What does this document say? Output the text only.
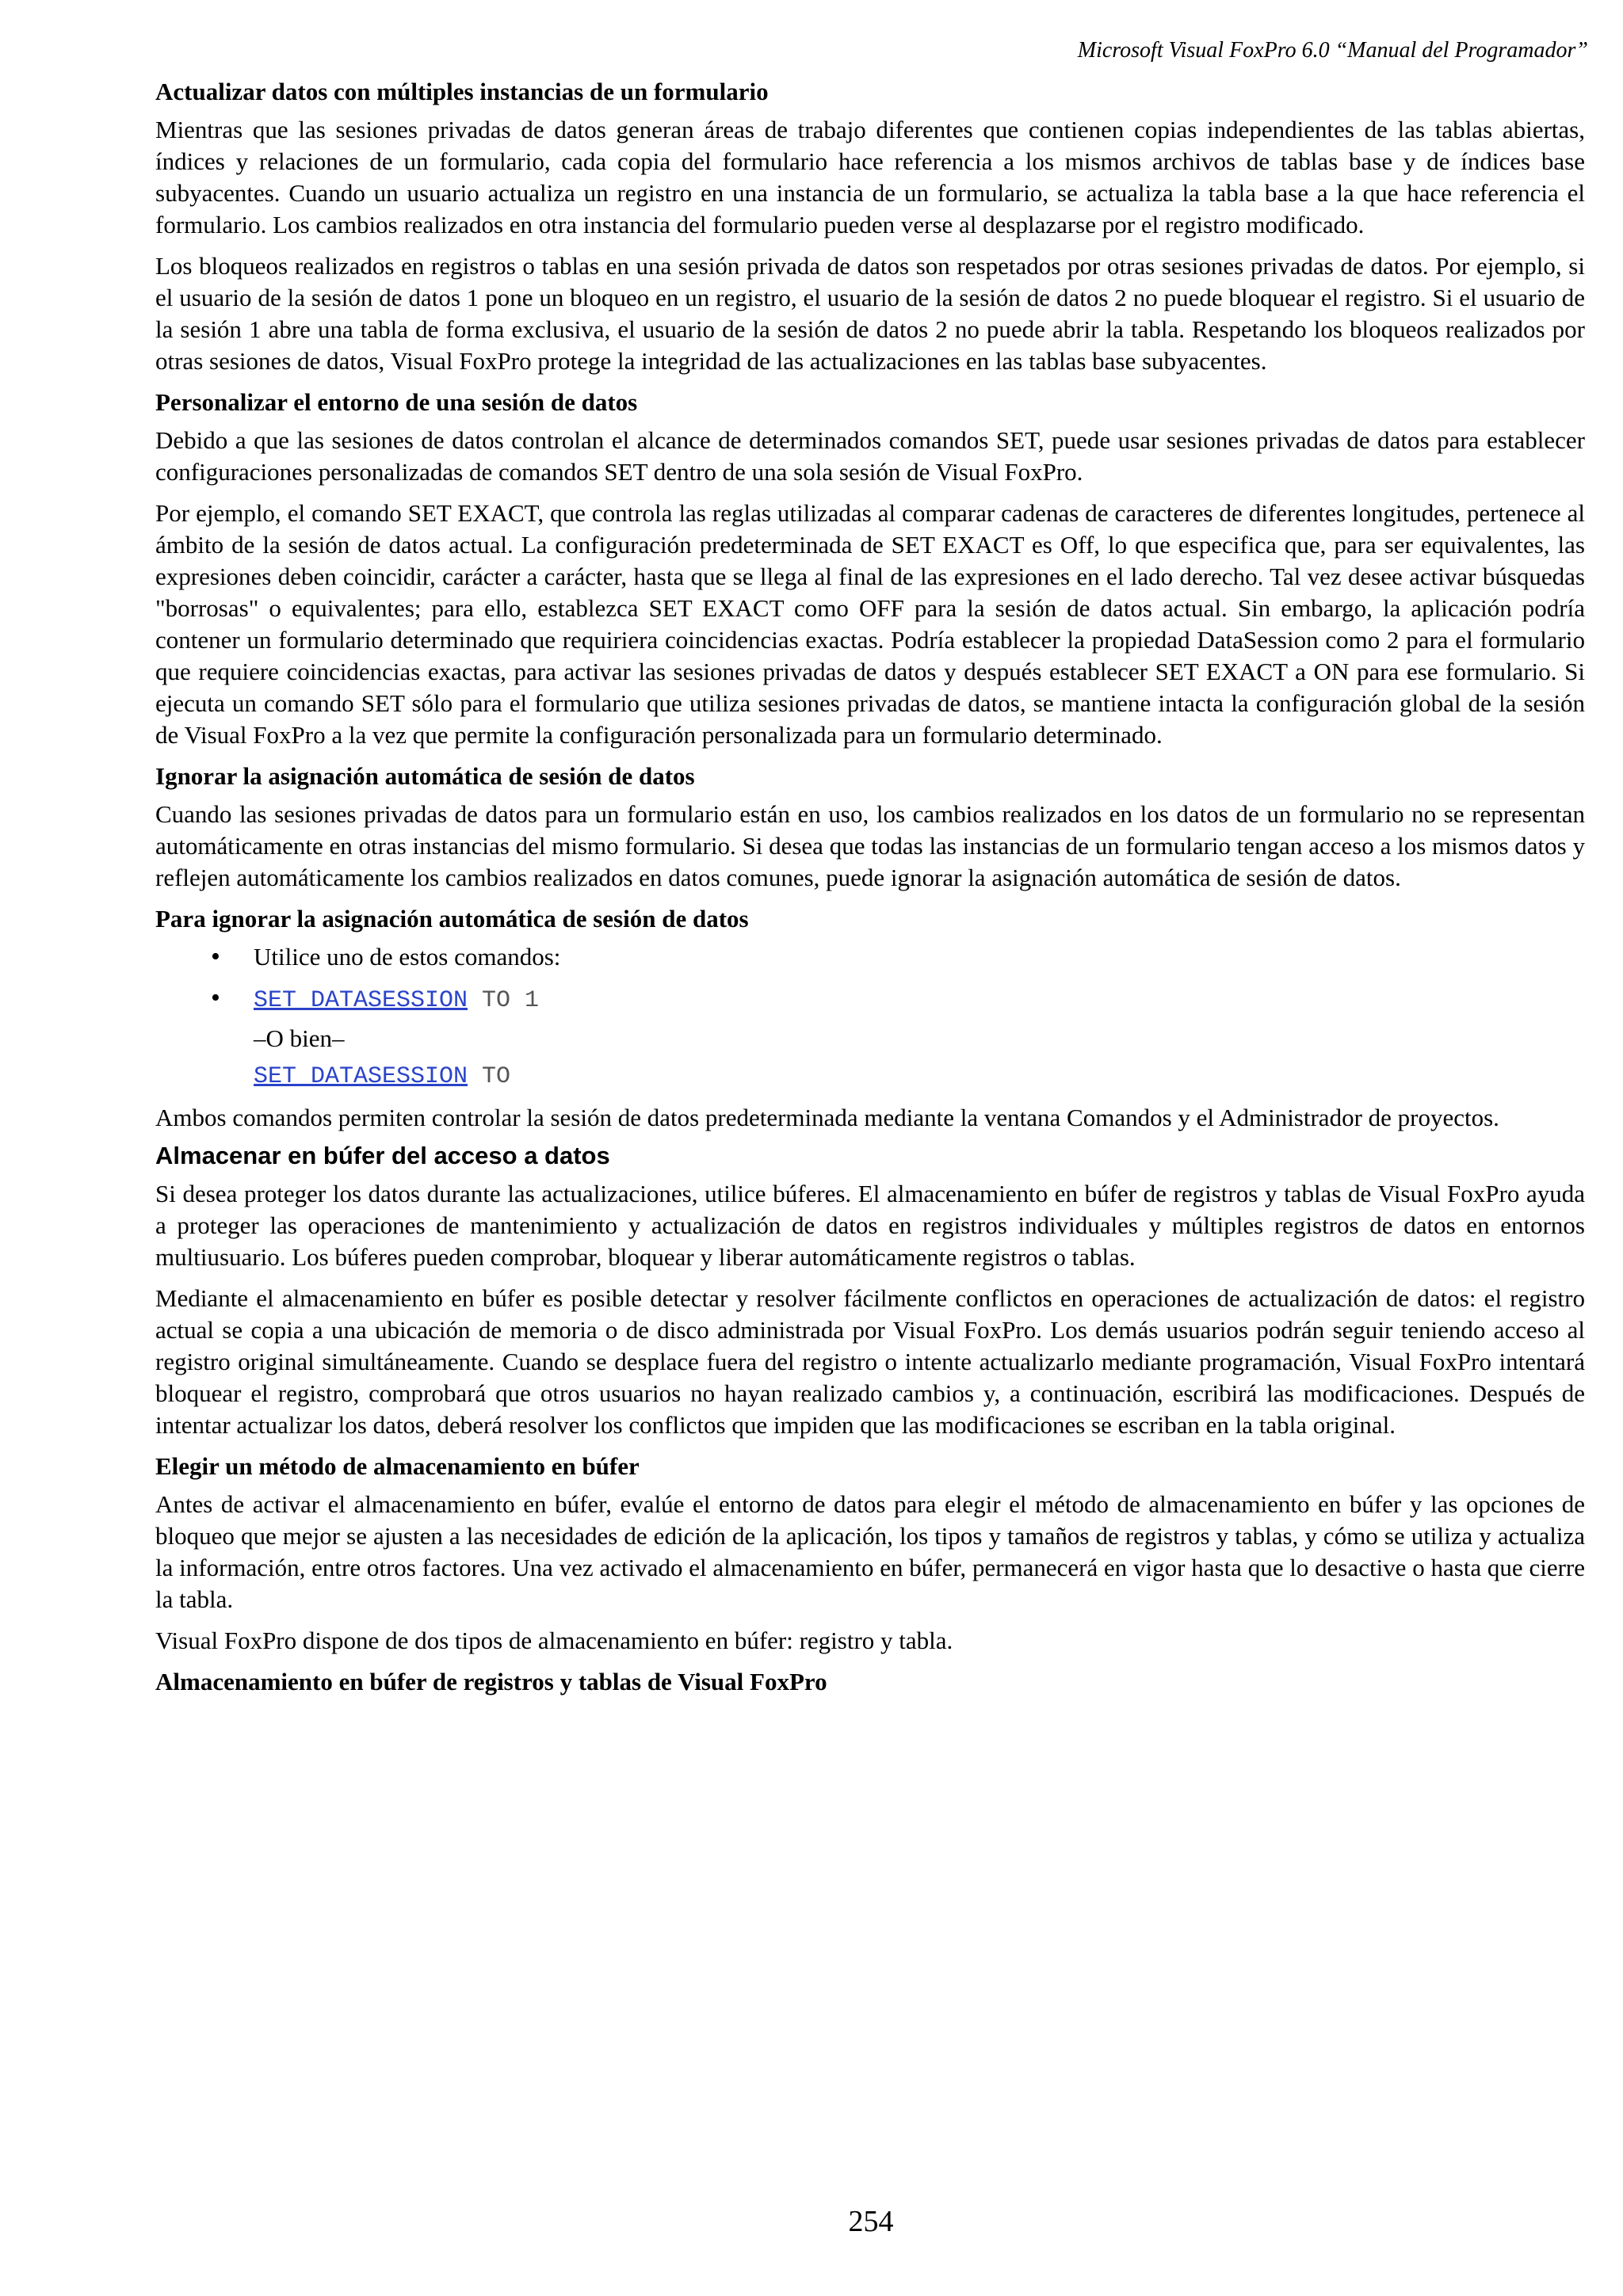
Microsoft Visual FoxPro 6.0 “Manual del Programador”
Actualizar datos con múltiples instancias de un formulario

Mientras que las sesiones privadas de datos generan áreas de trabajo diferentes que contienen copias independientes de las tablas abiertas, índices y relaciones de un formulario, cada copia del formulario hace referencia a los mismos archivos de tablas base y de índices base subyacentes. Cuando un usuario actualiza un registro en una instancia de un formulario, se actualiza la tabla base a la que hace referencia el formulario. Los cambios realizados en otra instancia del formulario pueden verse al desplazarse por el registro modificado.

Los bloqueos realizados en registros o tablas en una sesión privada de datos son respetados por otras sesiones privadas de datos. Por ejemplo, si el usuario de la sesión de datos 1 pone un bloqueo en un registro, el usuario de la sesión de datos 2 no puede bloquear el registro. Si el usuario de la sesión 1 abre una tabla de forma exclusiva, el usuario de la sesión de datos 2 no puede abrir la tabla. Respetando los bloqueos realizados por otras sesiones de datos, Visual FoxPro protege la integridad de las actualizaciones en las tablas base subyacentes.

Personalizar el entorno de una sesión de datos

Debido a que las sesiones de datos controlan el alcance de determinados comandos SET, puede usar sesiones privadas de datos para establecer configuraciones personalizadas de comandos SET dentro de una sola sesión de Visual FoxPro.

Por ejemplo, el comando SET EXACT, que controla las reglas utilizadas al comparar cadenas de caracteres de diferentes longitudes, pertenece al ámbito de la sesión de datos actual. La configuración predeterminada de SET EXACT es Off, lo que especifica que, para ser equivalentes, las expresiones deben coincidir, carácter a carácter, hasta que se llega al final de las expresiones en el lado derecho. Tal vez desee activar búsquedas "borrosas" o equivalentes; para ello, establezca SET EXACT como OFF para la sesión de datos actual. Sin embargo, la aplicación podría contener un formulario determinado que requiriera coincidencias exactas. Podría establecer la propiedad DataSession como 2 para el formulario que requiere coincidencias exactas, para activar las sesiones privadas de datos y después establecer SET EXACT a ON para ese formulario. Si ejecuta un comando SET sólo para el formulario que utiliza sesiones privadas de datos, se mantiene intacta la configuración global de la sesión de Visual FoxPro a la vez que permite la configuración personalizada para un formulario determinado.

Ignorar la asignación automática de sesión de datos

Cuando las sesiones privadas de datos para un formulario están en uso, los cambios realizados en los datos de un formulario no se representan automáticamente en otras instancias del mismo formulario. Si desea que todas las instancias de un formulario tengan acceso a los mismos datos y reflejen automáticamente los cambios realizados en datos comunes, puede ignorar la asignación automática de sesión de datos.

Para ignorar la asignación automática de sesión de datos
• Utilice uno de estos comandos:
• SET DATASESSION TO 1

–O bien–

SET DATASESSION TO

Ambos comandos permiten controlar la sesión de datos predeterminada mediante la ventana Comandos y el Administrador de proyectos.

Almacenar en búfer del acceso a datos

Si desea proteger los datos durante las actualizaciones, utilice búferes. El almacenamiento en búfer de registros y tablas de Visual FoxPro ayuda a proteger las operaciones de mantenimiento y actualización de datos en registros individuales y múltiples registros de datos en entornos multiusuario. Los búferes pueden comprobar, bloquear y liberar automáticamente registros o tablas.

Mediante el almacenamiento en búfer es posible detectar y resolver fácilmente conflictos en operaciones de actualización de datos: el registro actual se copia a una ubicación de memoria o de disco administrada por Visual FoxPro. Los demás usuarios podrán seguir teniendo acceso al registro original simultáneamente. Cuando se desplace fuera del registro o intente actualizarlo mediante programación, Visual FoxPro intentará bloquear el registro, comprobará que otros usuarios no hayan realizado cambios y, a continuación, escribirá las modificaciones. Después de intentar actualizar los datos, deberá resolver los conflictos que impiden que las modificaciones se escriban en la tabla original.

Elegir un método de almacenamiento en búfer

Antes de activar el almacenamiento en búfer, evalúe el entorno de datos para elegir el método de almacenamiento en búfer y las opciones de bloqueo que mejor se ajusten a las necesidades de edición de la aplicación, los tipos y tamaños de registros y tablas, y cómo se utiliza y actualiza la información, entre otros factores. Una vez activado el almacenamiento en búfer, permanecerá en vigor hasta que lo desactive o hasta que cierre la tabla.

Visual FoxPro dispone de dos tipos de almacenamiento en búfer: registro y tabla.

Almacenamiento en búfer de registros y tablas de Visual FoxPro
254
